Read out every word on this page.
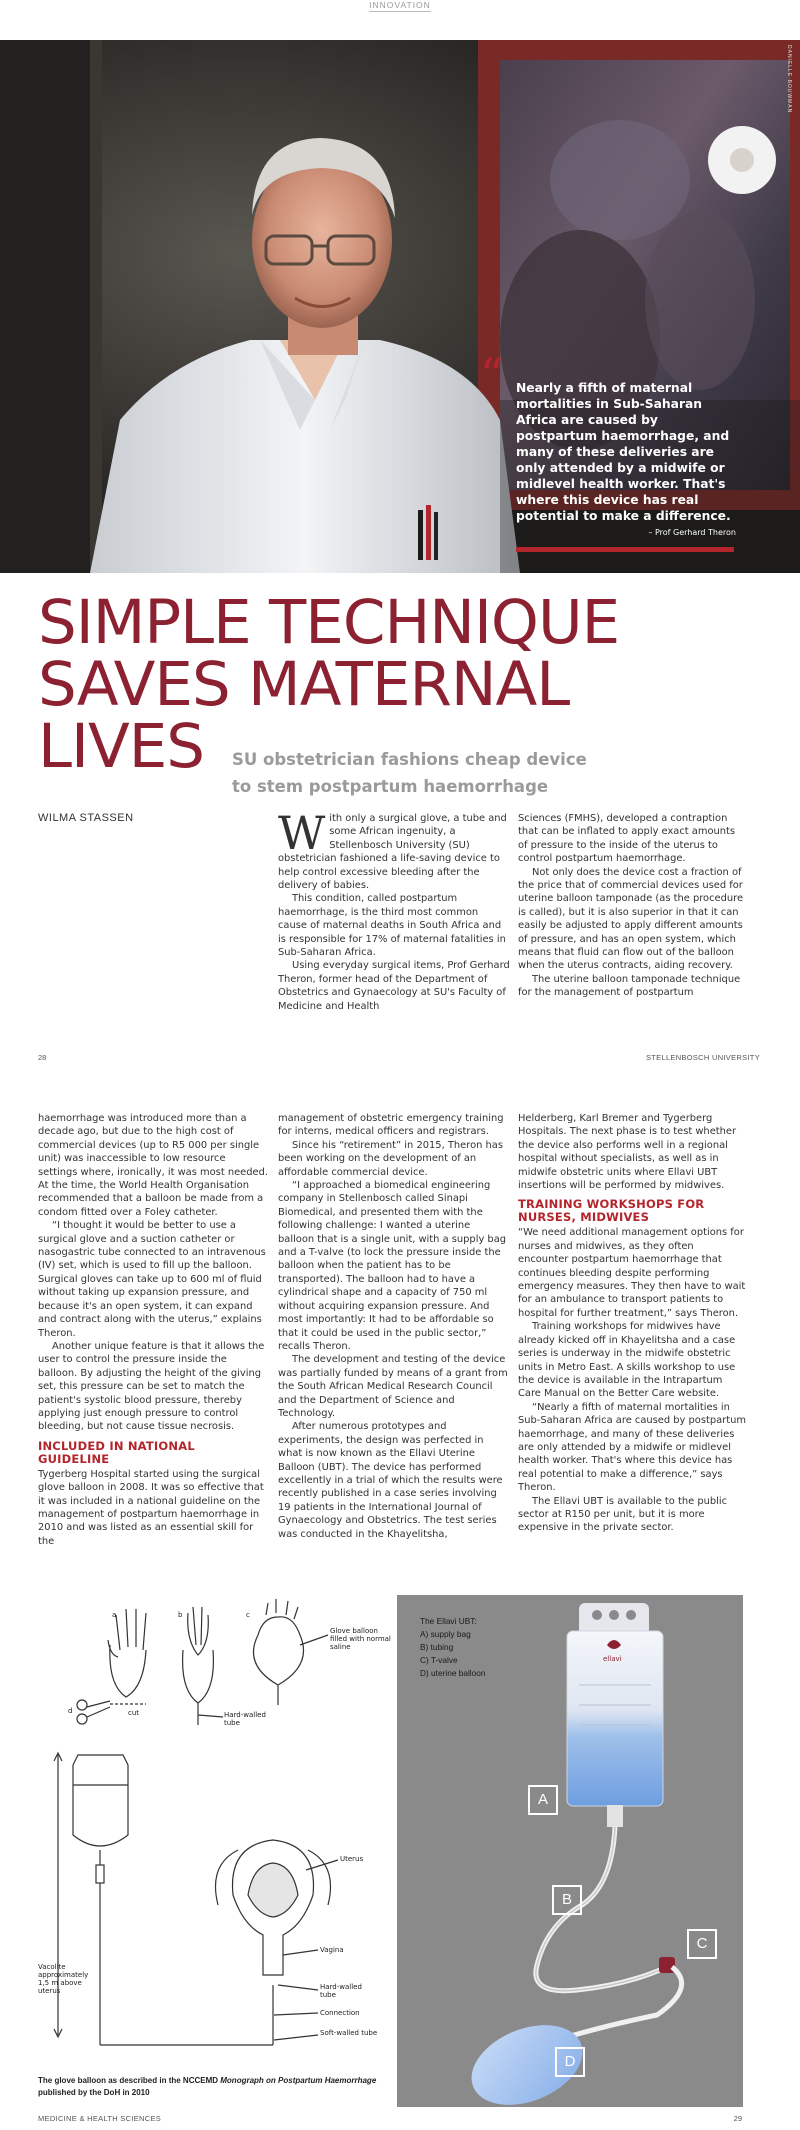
INNOVATION
DANIELLE BOUWMAN
“ Nearly a fifth of maternal mortalities in Sub-Saharan Africa are caused by postpartum haemorrhage, and many of these deliveries are only attended by a midwife or midlevel health worker. That's where this device has real potential to make a difference.
– Prof Gerhard Theron
SIMPLE TECHNIQUE
SAVES MATERNAL
LIVES	SU obstetrician fashions cheap device
to stem postpartum haemorrhage
WILMA STASSEN	With only a surgical glove, a tube and some African ingenuity, a Stellenbosch University (SU) obstetrician fashioned a life-saving device to help control excessive bleeding after the delivery of babies.

This condition, called postpartum haemorrhage, is the third most common cause of maternal deaths in South Africa and is responsible for 17% of maternal fatalities in Sub-Saharan Africa.

Using everyday surgical items, Prof Gerhard Theron, former head of the Department of Obstetrics and Gynaecology at SU's Faculty of Medicine and Health

Sciences (FMHS), developed a contraption that can be inflated to apply exact amounts of pressure to the inside of the uterus to control postpartum haemorrhage.

Not only does the device cost a fraction of the price that of commercial devices used for uterine balloon tamponade (as the procedure is called), but it is also superior in that it can easily be adjusted to apply different amounts of pressure, and has an open system, which means that fluid can flow out of the balloon when the uterus contracts, aiding recovery.

The uterine balloon tamponade technique for the management of postpartum

28	STELLENBOSCH UNIVERSITY

haemorrhage was introduced more than a decade ago, but due to the high cost of commercial devices (up to R5 000 per single unit) was inaccessible to low resource settings where, ironically, it was most needed. At the time, the World Health Organisation recommended that a balloon be made from a condom fitted over a Foley catheter.

“I thought it would be better to use a surgical glove and a suction catheter or nasogastric tube connected to an intravenous (IV) set, which is used to fill up the balloon. Surgical gloves can take up to 600 ml of fluid without taking up expansion pressure, and because it's an open system, it can expand and contract along with the uterus,” explains Theron.

Another unique feature is that it allows the user to control the pressure inside the balloon. By adjusting the height of the giving set, this pressure can be set to match the patient's systolic blood pressure, thereby applying just enough pressure to control bleeding, but not cause tissue necrosis.

INCLUDED IN NATIONAL GUIDELINE

Tygerberg Hospital started using the surgical glove balloon in 2008. It was so effective that it was included in a national guideline on the management of postpartum haemorrhage in 2010 and was listed as an essential skill for the

management of obstetric emergency training for interns, medical officers and registrars.

Since his “retirement” in 2015, Theron has been working on the development of an affordable commercial device.

“I approached a biomedical engineering company in Stellenbosch called Sinapi Biomedical, and presented them with the following challenge: I wanted a uterine balloon that is a single unit, with a supply bag and a T-valve (to lock the pressure inside the balloon when the patient has to be transported). The balloon had to have a cylindrical shape and a capacity of 750 ml without acquiring expansion pressure. And most importantly: It had to be affordable so that it could be used in the public sector,” recalls Theron.

The development and testing of the device was partially funded by means of a grant from the South African Medical Research Council and the Department of Science and Technology.

After numerous prototypes and experiments, the design was perfected in what is now known as the Ellavi Uterine Balloon (UBT). The device has performed excellently in a trial of which the results were recently published in a case series involving 19 patients in the International Journal of Gynaecology and Obstetrics. The test series was conducted in the Khayelitsha,

Helderberg, Karl Bremer and Tygerberg Hospitals. The next phase is to test whether the device also performs well in a regional hospital without specialists, as well as in midwife obstetric units where Ellavi UBT insertions will be performed by midwives.

TRAINING WORKSHOPS FOR NURSES, MIDWIVES

“We need additional management options for nurses and midwives, as they often encounter postpartum haemorrhage that continues bleeding despite performing emergency measures. They then have to wait for an ambulance to transport patients to hospital for further treatment,” says Theron.

Training workshops for midwives have already kicked off in Khayelitsha and a case series is underway in the midwife obstetric units in Metro East. A skills workshop to use the device is available in the Intrapartum Care Manual on the Better Care website.

“Nearly a fifth of maternal mortalities in Sub-Saharan Africa are caused by postpartum haemorrhage, and many of these deliveries are only attended by a midwife or midlevel health worker. That's where this device has real potential to make a difference,” says Theron.

The Ellavi UBT is available to the public sector at R150 per unit, but it is more expensive in the private sector.

a	b	c
d	cut
Glove balloon filled with normal saline
Hard-walled tube
Uterus
Vagina
Hard-walled tube
Connection
Soft-walled tube
Vacolite approximately 1,5 m above uterus
The glove balloon as described in the NCCEMD Monograph on Postpartum Haemorrhage published by the DoH in 2010
The Ellavi UBT:
A) supply bag
B) tubing
C) T-valve
D) uterine balloon
A
B
C
D
ellavi
MEDICINE & HEALTH SCIENCES	29
